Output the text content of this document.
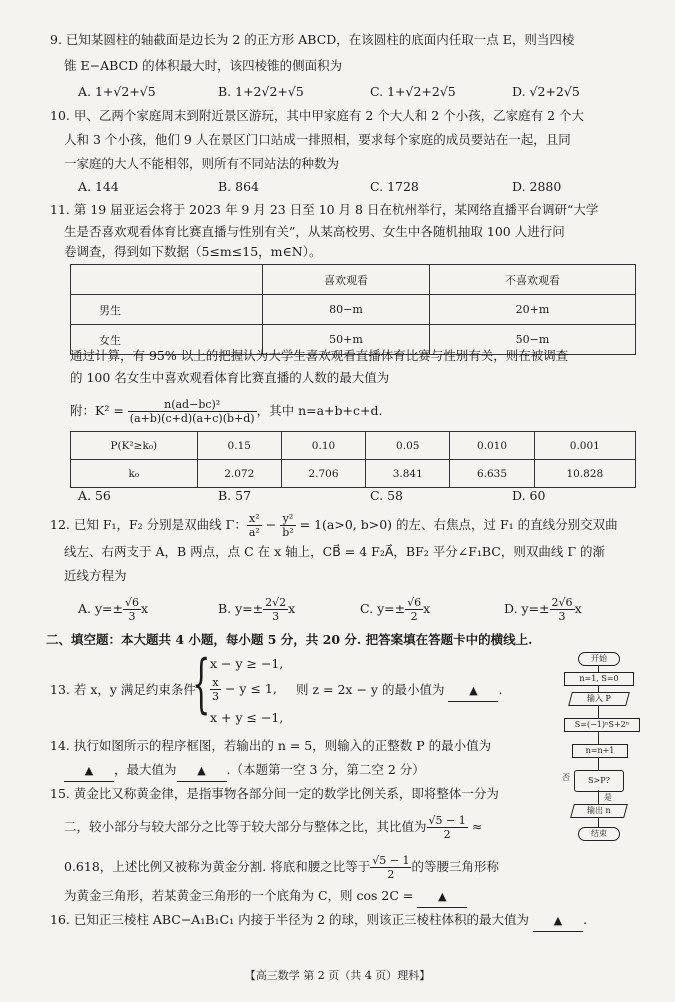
9. 已知某圆柱的轴截面是边长为 2 的正方形 ABCD，在该圆柱的底面内任取一点 E，则当四棱
锥 E−ABCD 的体积最大时，该四棱锥的侧面积为
A. 1+√2+√5	B. 1+2√2+√5	C. 1+√2+2√5	D. √2+2√5
10. 甲、乙两个家庭周末到附近景区游玩，其中甲家庭有 2 个大人和 2 个小孩，乙家庭有 2 个大
人和 3 个小孩，他们 9 人在景区门口站成一排照相，要求每个家庭的成员要站在一起，且同
一家庭的大人不能相邻，则所有不同站法的种数为
A. 144	B. 864	C. 1728	D. 2880
11. 第 19 届亚运会将于 2023 年 9 月 23 日至 10 月 8 日在杭州举行，某网络直播平台调研“大学
生是否喜欢观看体育比赛直播与性别有关”，从某高校男、女生中各随机抽取 100 人进行问
卷调查，得到如下数据（5≤m≤15，m∈N）。
	喜欢观看	不喜欢观看
男生	80−m	20+m
女生	50+m	50−m
通过计算，有 95% 以上的把握认为大学生喜欢观看直播体育比赛与性别有关，则在被调查
的 100 名女生中喜欢观看体育比赛直播的人数的最大值为
附：$K^2 = \frac{\text{n(ad−bc)²}}{(a+b)(c+d)(a+c)(b+d)}$ ，其中 n=a+b+c+d.
P(K²≥k₀)	0.15	0.10	0.05	0.010	0.001
k₀	2.072	2.706	3.841	6.635	10.828
A. 56	B. 57	C. 58	D. 60
12. 已知 F₁，F₂ 分别是双曲线 Γ： $\frac{\text{x²}}{\text{a²}} - \frac{\text{y²}}{\text{b²}} = 1(a>0$, b>0) 的左、右焦点，过 F₁ 的直线分别交双曲
线左、右两支于 A，B 两点，点 C 在 x 轴上，CB⃗ = 4 F₂A⃗，BF₂ 平分∠F₁BC，则双曲线 Γ 的渐
近线方程为
A. $y=\pm \frac{√6}{3}$ x	B. $y=\pm \frac{2√2}{3}$ x	C. $y=\pm \frac{√6}{2}$ x	D. $y=\pm \frac{2√6}{3}$ x
二、填空题：本大题共 4 小题，每小题 5 分，共 20 分. 把答案填在答题卡中的横线上.
13. 若 x，y 满足约束条件
{ x − y ≥ −1,
$\frac{x}{3} - y \le 1$,
x + y ≤ −1,
则 z = 2x − y 的最小值为 ▲ .
14. 执行如图所示的程序框图，若输出的 n = 5，则输入的正整数 P 的最小值为
▲ ，最大值为 ▲ .（本题第一空 3 分，第二空 2 分）
15. 黄金比又称黄金律，是指事物各部分间一定的数学比例关系，即将整体一分为
二，较小部分与较大部分之比等于较大部分与整体之比，其比值为 $\frac{√5 - 1}{2}$ ≈
0.618，上述比例又被称为黄金分割. 将底和腰之比等于 $\frac{√5 - 1}{2}$ 的等腰三角形称
为黄金三角形，若某黄金三角形的一个底角为 C，则 cos 2C = ▲
16. 已知正三棱柱 ABC−A₁B₁C₁ 内接于半径为 2 的球，则该正三棱柱体积的最大值为 ▲ .
开始
n=1, S=0
输入 P
S=(−1)ⁿS+2ⁿ
n=n+1
S>P?
否
是
输出 n
结束
【高三数学 第 2 页（共 4 页）理科】
